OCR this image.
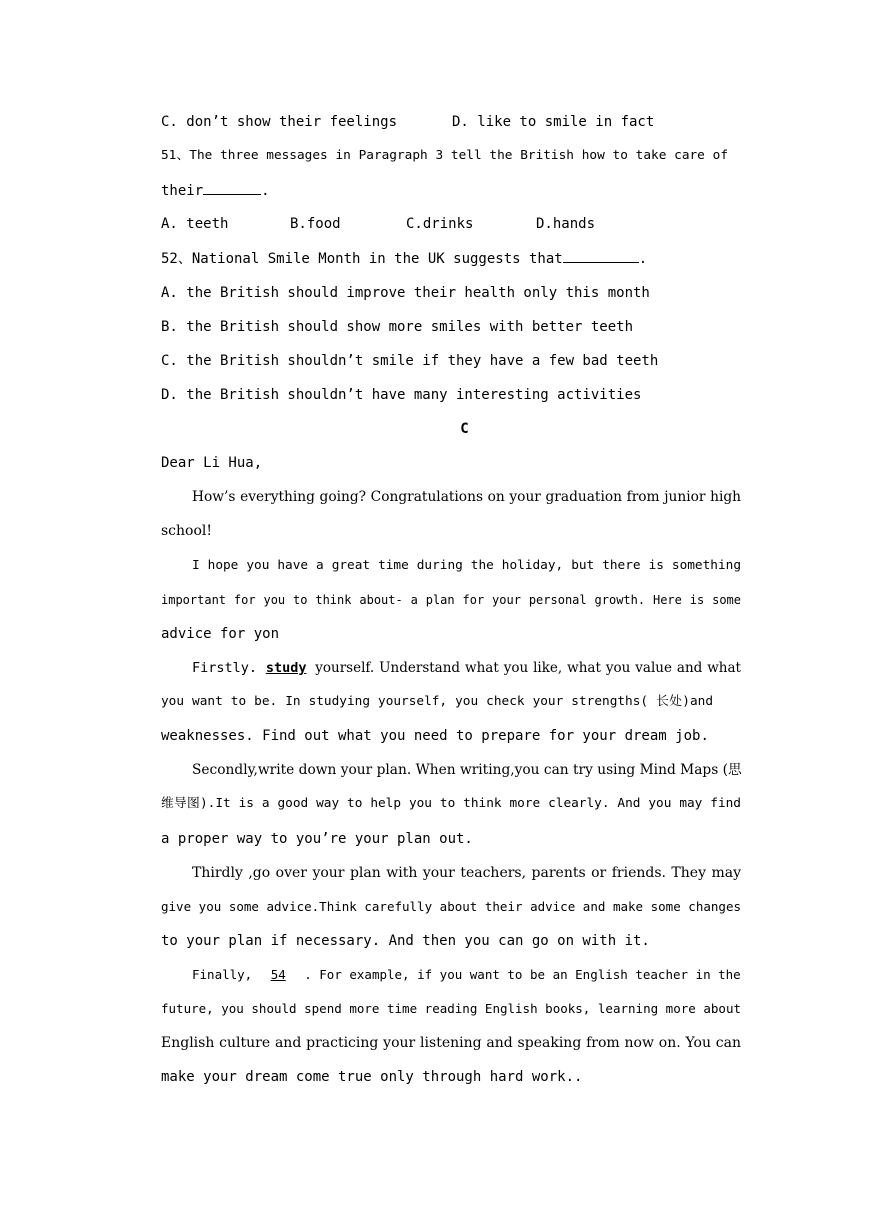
C. don’t show their feelings	D. like to smile in fact
51、The three messages in Paragraph 3 tell the British how to take care of
their	.
A. teeth	B.food	C.drinks	D.hands
52、National Smile Month in the UK suggests that	.
A. the British should improve their health only this month
B. the British should show more smiles with better teeth
C. the British shouldn’t smile if they have a few bad teeth
D. the British shouldn’t have many interesting activities
C
Dear Li Hua,
How’s everything going? Congratulations on your graduation from junior high
school!
I hope you have a great time during the holiday, but there is something
important for you to think about- a plan for your personal growth. Here is some
advice for yon
Firstly. study yourself. Understand what you like, what you value and what
you want to be. In studying yourself, you check your strengths( 长处)and
weaknesses. Find out what you need to prepare for your dream job.
Secondly,write down your plan. When writing,you can try using Mind Maps (思
维导图).It is a good way to help you to think more clearly. And you may find
a proper way to you’re your plan out.
Thirdly ,go over your plan with your teachers, parents or friends. They may
give you some advice.Think carefully about their advice and make some changes
to your plan if necessary. And then you can go on with it.
Finally, 54 . For example, if you want to be an English teacher in the
future, you should spend more time reading English books, learning more about
English culture and practicing your listening and speaking from now on. You can
make your dream come true only through hard work..
